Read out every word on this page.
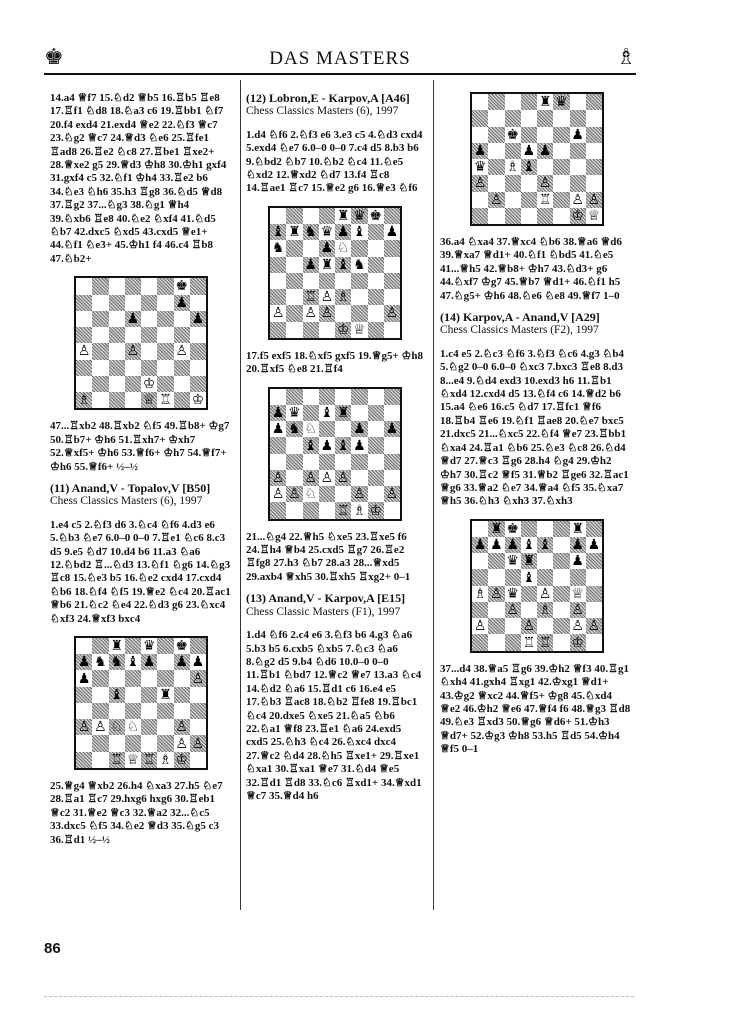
♚	DAS MASTERS	♗

14.a4 ♕f7 15.♘d2 ♕b5 16.♖b5 ♖e8 17.♖f1 ♘d8 18.♘a3 c6 19.♖bb1 ♘f7 20.f4 exd4 21.exd4 ♕e2 22.♘f3 ♕c7 23.♘g2 ♕c7 24.♕d3 ♘e6 25.♖fe1 ♖ad8 26.♖e2 ♘c8 27.♖be1 ♖xe2+ 28.♕xe2 g5 29.♕d3 ♔h8 30.♔h1 gxf4 31.gxf4 c5 32.♘f1 ♔h4 33.♖e2 b6 34.♘e3 ♘h6 35.h3 ♖g8 36.♘d5 ♕d8 37.♖g2 37...♘g3 38.♘g1 ♕h4 39.♘xb6 ♖e8 40.♘e2 ♘xf4 41.♘d5 ♘b7 42.dxc5 ♘xd5 43.cxd5 ♕e1+ 44.♘f1 ♘e3+ 45.♔h1 f4 46.c4 ♖b8 47.♘b2+

♚
♟
♟	♟
♙	♙	♙
♔
♗	♕ ♖ ♔

47...♖xb2 48.♖xb2 ♘f5 49.♖b8+ ♔g7 50.♖b7+ ♔h6 51.♖xh7+ ♔xh7 52.♕xf5+ ♔h6 53.♕f6+ ♔h7 54.♕f7+ ♔h6 55.♕f6+ ½–½

(11) Anand,V - Topalov,V [B50]

Chess Classics Masters (6), 1997

1.e4 c5 2.♘f3 d6 3.♘c4 ♘f6 4.d3 e6 5.♘b3 ♘e7 6.0–0 0–0 7.♖e1 ♘c6 8.c3 d5 9.e5 ♘d7 10.d4 b6 11.a3 ♘a6 12.♘bd2 ♖...♘d3 13.♘f1 ♘g6 14.♘g3 ♖c8 15.♘e3 b5 16.♘e2 cxd4 17.cxd4 ♘b6 18.♘f4 ♘f5 19.♕e2 ♘c4 20.♖ac1 ♕b6 21.♘c2 ♘e4 22.♘d3 g6 23.♘xc4 ♘xf3 24.♕xf3 bxc4

♜ ♛ ♚
♟ ♞ ♞ ♝ ♟ ♟ ♟
♟	♙
♝	♜
♙ ♙ ♘ ♘	♙
♙ ♙
♖ ♕ ♖ ♗ ♔

25.♕g4 ♕xb2 26.h4 ♘xa3 27.h5 ♘e7 28.♖a1 ♖c7 29.hxg6 hxg6 30.♖eb1 ♕c2 31.♕e2 ♕c3 32.♕a2 32...♘c5 33.dxc5 ♘f5 34.♘e2 ♕d3 35.♘g5 c3 36.♖d1 ½–½

(12) Lobron,E - Karpov,A [A46]

Chess Classics Masters (6), 1997

1.d4 ♘f6 2.♘f3 e6 3.e3 c5 4.♘d3 cxd4 5.exd4 ♘e7 6.0–0 0–0 7.c4 d5 8.b3 b6 9.♘bd2 ♘b7 10.♘b2 ♘c4 11.♘e5 ♘xd2 12.♕xd2 ♘d7 13.f4 ♖c8 14.♖ae1 ♖c7 15.♕e2 g6 16.♕e3 ♘f6

♜ ♛ ♚
♝ ♜ ♞ ♛ ♟ ♝ ♟
♞	♟ ♘
♟ ♜ ♝ ♞
♖ ♙ ♗
♙ ♙ ♙	♙
♔ ♕

17.f5 exf5 18.♘xf5 gxf5 19.♕g5+ ♔h8 20.♖xf5 ♘e8 21.♖f4

♟ ♛ ♝ ♜
♟ ♞ ♘	♟ ♟
♝ ♟ ♝ ♟
♙ ♙ ♙ ♙
♙ ♙ ♘	♙ ♙
♖ ♗ ♔

21...♘g4 22.♕h5 ♘xe5 23.♖xe5 f6 24.♖h4 ♕b4 25.cxd5 ♖g7 26.♖e2 ♖fg8 27.h3 ♘b7 28.a3 28...♕xd5 29.axb4 ♕xh5 30.♖xh5 ♖xg2+ 0–1

(13) Anand,V - Karpov,A [E15]

Chess Classic Masters (F1), 1997

1.d4 ♘f6 2.c4 e6 3.♘f3 b6 4.g3 ♘a6 5.b3 b5 6.cxb5 ♘xb5 7.♘c3 ♘a6 8.♘g2 d5 9.b4 ♘d6 10.0–0 0–0 11.♖b1 ♘bd7 12.♕c2 ♕e7 13.a3 ♘c4 14.♘d2 ♘a6 15.♖d1 c6 16.e4 e5 17.♘b3 ♖ac8 18.♘b2 ♖fe8 19.♖bc1 ♘c4 20.dxe5 ♘xe5 21.♘a5 ♘b6 22.♘a1 ♕f8 23.♖e1 ♘a6 24.exd5 cxd5 25.♘h3 ♘c4 26.♘xc4 dxc4 27.♕c2 ♘d4 28.♘h5 ♖xe1+ 29.♖xe1 ♘xa1 30.♖xa1 ♕e7 31.♘d4 ♕e5 32.♖d1 ♖d8 33.♘c6 ♖xd1+ 34.♕xd1 ♕c7 35.♕d4 h6

♜ ♛
♚	♟
♟	♟ ♟
♛ ♗ ♝
♙	♙
♙	♖ ♙ ♙
♔ ♕

36.a4 ♘xa4 37.♕xc4 ♘b6 38.♕a6 ♕d6 39.♕xa7 ♕d1+ 40.♘f1 ♘bd5 41.♘e5 41...♕h5 42.♕b8+ ♔h7 43.♘d3+ g6 44.♘xf7 ♔g7 45.♕b7 ♕d1+ 46.♘f1 h5 47.♘g5+ ♔h6 48.♘e6 ♘e8 49.♕f7 1–0

(14) Karpov,A - Anand,V [A29]

Chess Classics Masters (F2), 1997

1.c4 e5 2.♘c3 ♘f6 3.♘f3 ♘c6 4.g3 ♘b4 5.♘g2 0–0 6.0–0 ♘xc3 7.bxc3 ♖e8 8.d3 8...e4 9.♘d4 exd3 10.exd3 h6 11.♖b1 ♘xd4 12.cxd4 d5 13.♘f4 c6 14.♕d2 b6 15.a4 ♘e6 16.c5 ♘d7 17.♖fc1 ♕f6 18.♖b4 ♖e6 19.♘f1 ♖ae8 20.♘e7 bxc5 21.dxc5 21...♘xc5 22.♘f4 ♕e7 23.♖bb1 ♘xa4 24.♖a1 ♘b6 25.♘e3 ♘c8 26.♘d4 ♕d7 27.♕c3 ♖g6 28.h4 ♘g4 29.♔h2 ♔h7 30.♖c2 ♕f5 31.♕b2 ♖ge6 32.♖ac1 ♕g6 33.♕a2 ♘e7 34.♕a4 ♘f5 35.♘xa7 ♕h5 36.♘h3 ♘xh3 37.♘xh3

♜ ♚	♜
♟ ♟ ♟ ♝ ♝ ♟ ♟
♛ ♜	♟
♝
♗ ♙ ♛ ♙ ♕
♙ ♗ ♙
♙	♙	♙ ♙
♖ ♖ ♔

37...d4 38.♕a5 ♖g6 39.♔h2 ♕f3 40.♖g1 ♘xh4 41.gxh4 ♖xg1 42.♔xg1 ♕d1+ 43.♔g2 ♕xc2 44.♕f5+ ♔g8 45.♘xd4 ♕e2 46.♔h2 ♕e6 47.♕f4 f6 48.♕g3 ♖d8 49.♘e3 ♖xd3 50.♕g6 ♕d6+ 51.♔h3 ♕d7+ 52.♔g3 ♔h8 53.h5 ♖d5 54.♔h4 ♕f5 0–1

86
